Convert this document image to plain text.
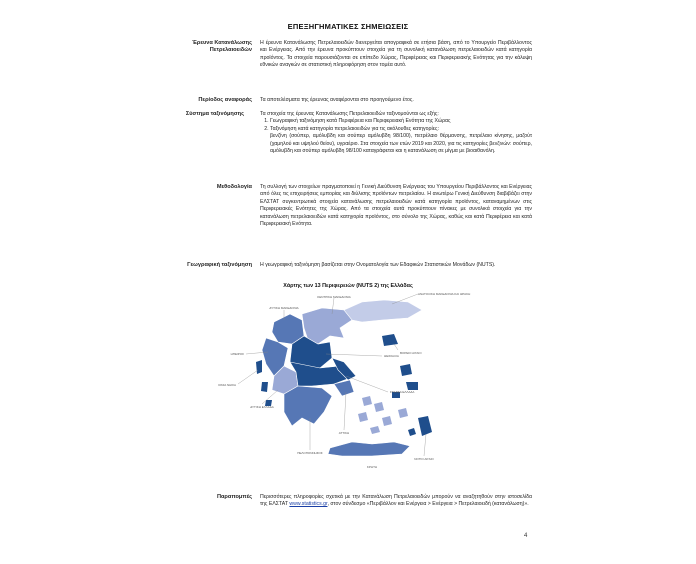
ΕΠΕΞΗΓΗΜΑΤΙΚΕΣ ΣΗΜΕΙΩΣΕΙΣ
Έρευνα Κατανάλωσης Πετρελαιοειδών
Η έρευνα Κατανάλωσης Πετρελαιοειδών διενεργείται απογραφικά σε ετήσια βάση, από το Υπουργείο Περιβάλλοντος και Ενέργειας. Από την έρευνα προκύπτουν στοιχεία για τη συνολική κατανάλωση πετρελαιοειδών κατά κατηγορία προϊόντος. Τα στοιχεία παρουσιάζονται σε επίπεδο Χώρας, Περιφέρειας και Περιφερειακής Ενότητας για την κάλυψη εθνικών αναγκών σε στατιστική πληροφόρηση στον τομέα αυτό.
Περίοδος αναφοράς Τα αποτελέσματα της έρευνας αναφέρονται στο προηγούμενο έτος.
Σύστημα ταξινόμησης	Τα στοιχεία της έρευνας Κατανάλωσης Πετρελαιοειδών ταξινομούνται ως εξής:

1. Γεωγραφική ταξινόμηση κατά Περιφέρεια και Περιφερειακή Ενότητα της Χώρας
2. Ταξινόμηση κατά κατηγορία πετρελαιοειδών για τις ακόλουθες κατηγορίες:

βενζίνη (σούπερ, αμόλυβδη και σούπερ αμόλυβδη 98/100), πετρέλαιο θέρμανσης, πετρέλαιο κίνησης, μαζούτ (χαμηλού και υψηλού θείου), υγραέριο. Στα στοιχεία των ετών 2019 και 2020, για τις κατηγορίες βενζινών: σούπερ, αμόλυβδη και σούπερ αμόλυβδη 98/100 καταγράφεται και η κατανάλωση σε μίγμα με βιοαιθανόλη.

Μεθοδολογία Τη συλλογή των στοιχείων πραγματοποιεί η Γενική Διεύθυνση Ενέργειας του Υπουργείου Περιβάλλοντος και Ενέργειας από όλες τις επιχειρήσεις εμπορίας και διύλισης προϊόντων πετρελαίου. Η ανωτέρω Γενική Διεύθυνση διαβιβάζει στην ΕΛΣΤΑΤ συγκεντρωτικά στοιχεία κατανάλωσης πετρελαιοειδών κατά κατηγορία προϊόντος, καταναμημένων στις Περιφερειακές Ενότητες της Χώρας. Από τα στοιχεία αυτά προκύπτουν πίνακες με συνολικά στοιχεία για την κατανάλωση πετρελαιοειδών κατά κατηγορία προϊόντος, στο σύνολο της Χώρας, καθώς και κατά Περιφέρεια και κατά Περιφερειακή Ενότητα.
Γεωγραφική ταξινόμηση Η γεωγραφική ταξινόμηση βασίζεται στην Ονοματολογία των Εδαφικών Στατιστικών Μονάδων (NUTS).
Χάρτης των 13 Περιφερειών (NUTS 2) της Ελλάδας
ΑΝΑΤΟΛΙΚΗ ΜΑΚΕΔΟΝΙΑ ΚΑΙ ΘΡΑΚΗ
ΚΕΝΤΡΙΚΗ ΜΑΚΕΔΟΝΙΑ
ΔΥΤΙΚΗ ΜΑΚΕΔΟΝΙΑ
ΗΠΕΙΡΟΣ	ΒΟΡΕΙΟ ΑΙΓΑΙΟ
ΘΕΣΣΑΛΙΑ
ΙΟΝΙΑ ΝΗΣΙΑ
ΣΤΕΡΕΑ ΕΛΛΑΔΑ
ΔΥΤΙΚΗ ΕΛΛΑΔΑ
ΑΤΤΙΚΗ
ΠΕΛΟΠΟΝΝΗΣΟΣ
ΝΟΤΙΟ ΑΙΓΑΙΟ
ΚΡΗΤΗ
Παραπομπές Περισσότερες πληροφορίες σχετικά με την Κατανάλωση Πετρελαιοειδών μπορούν να αναζητηθούν στην ιστοσελίδα της ΕΛΣΤΑΤ www.statistics.gr, στον σύνδεσμο «Περιβάλλον και Ενέργεια > Ενέργεια > Πετρελαιοειδή (κατανάλωση)».
4
